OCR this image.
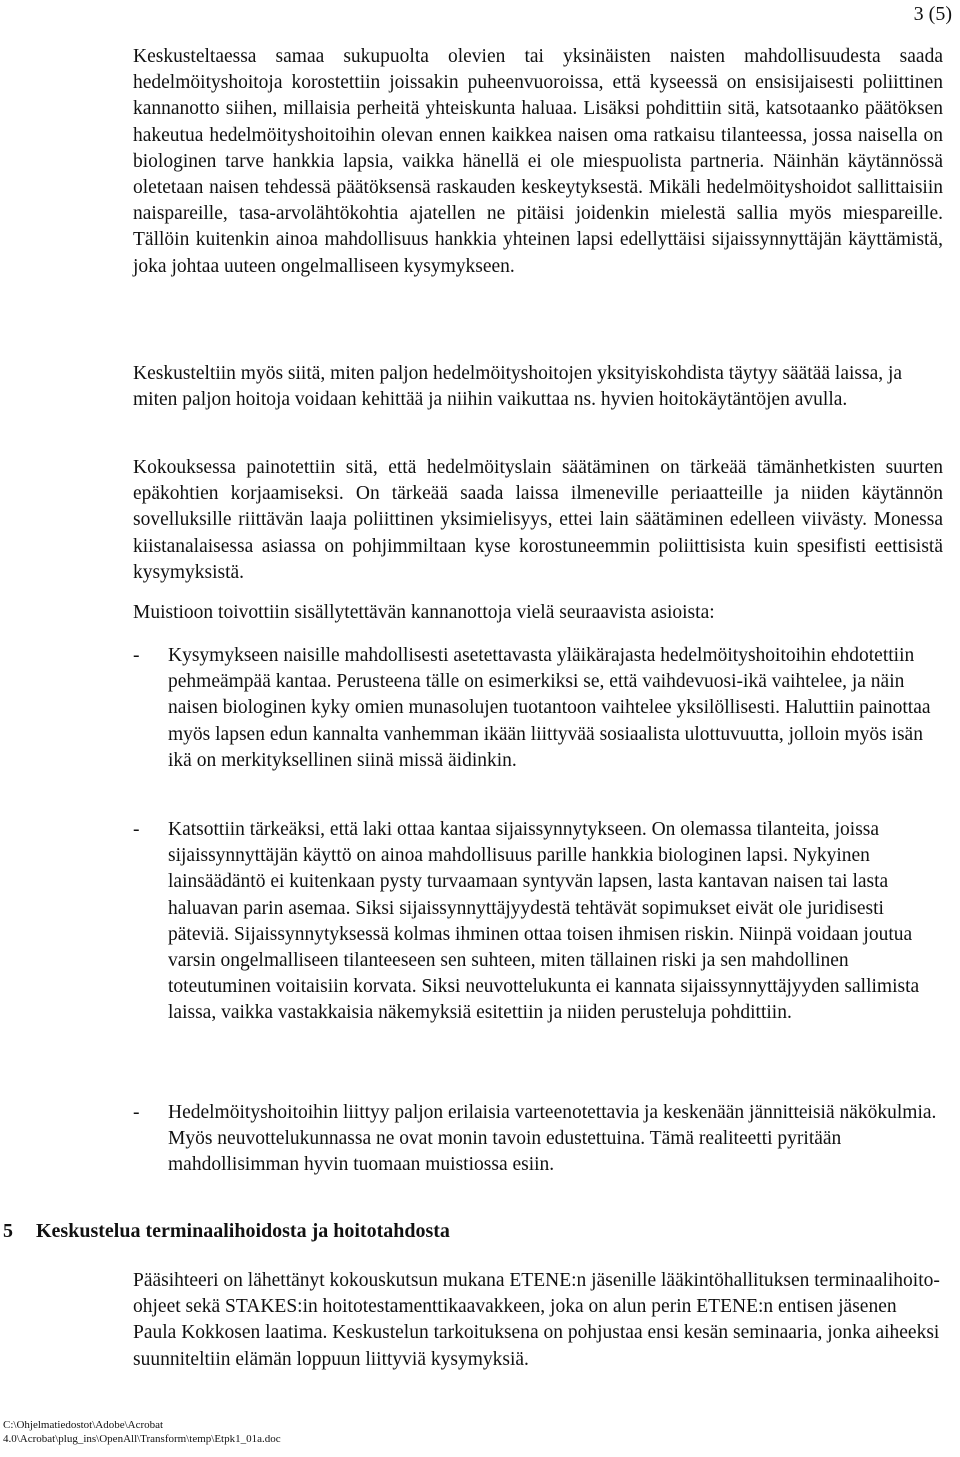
3 (5)

Keskusteltaessa samaa sukupuolta olevien tai yksinäisten naisten mahdollisuudesta saada hedelmöityshoitoja korostettiin joissakin puheenvuoroissa, että kyseessä on ensisijaisesti poliittinen kannanotto siihen, millaisia perheitä yhteiskunta haluaa. Lisäksi pohdittiin sitä, katsotaanko päätöksen hakeutua hedelmöityshoitoihin olevan ennen kaikkea naisen oma ratkaisu tilanteessa, jossa naisella on biologinen tarve hankkia lapsia, vaikka hänellä ei ole miespuolista partneria. Näinhän käytännössä oletetaan naisen tehdessä päätöksensä raskauden keskeytyksestä. Mikäli hedelmöityshoidot sallittaisiin naispareille, tasa-arvolähtökohtia ajatellen ne pitäisi joidenkin mielestä sallia myös miespareille. Tällöin kuitenkin ainoa mahdollisuus hankkia yhteinen lapsi edellyttäisi sijaissynnyttäjän käyttämistä, joka johtaa uuteen ongelmalliseen kysymykseen.

Keskusteltiin myös siitä, miten paljon hedelmöityshoitojen yksityiskohdista täytyy säätää laissa, ja miten paljon hoitoja voidaan kehittää ja niihin vaikuttaa ns. hyvien hoitokäytäntöjen avulla.

Kokouksessa painotettiin sitä, että hedelmöityslain säätäminen on tärkeää tämänhetkisten suurten epäkohtien korjaamiseksi. On tärkeää saada laissa ilmeneville periaatteille ja niiden käytännön sovelluksille riittävän laaja poliittinen yksimielisyys, ettei lain säätäminen edelleen viivästy. Monessa kiistanalaisessa asiassa on pohjimmiltaan kyse korostuneemmin poliittisista kuin spesifisti eettisistä kysymyksistä.

Muistioon toivottiin sisällytettävän kannanottoja vielä seuraavista asioista:

- Kysymykseen naisille mahdollisesti asetettavasta yläikärajasta hedelmöityshoitoihin ehdotettiin pehmeämpää kantaa. Perusteena tälle on esimerkiksi se, että vaihdevuosi-ikä vaihtelee, ja näin naisen biologinen kyky omien munasolujen tuotantoon vaihtelee yksilöllisesti. Haluttiin painottaa myös lapsen edun kannalta vanhemman ikään liittyvää sosiaalista ulottuvuutta, jolloin myös isän ikä on merkityksellinen siinä missä äidinkin.
- Katsottiin tärkeäksi, että laki ottaa kantaa sijaissynnytykseen. On olemassa tilanteita, joissa sijaissynnyttäjän käyttö on ainoa mahdollisuus parille hankkia biologinen lapsi. Nykyinen lainsäädäntö ei kuitenkaan pysty turvaamaan syntyvän lapsen, lasta kantavan naisen tai lasta haluavan parin asemaa. Siksi sijaissynnyttäjyydestä tehtävät sopimukset eivät ole juridisesti päteviä. Sijaissynnytyksessä kolmas ihminen ottaa toisen ihmisen riskin. Niinpä voidaan joutua varsin ongelmalliseen tilanteeseen sen suhteen, miten tällainen riski ja sen mahdollinen toteutuminen voitaisiin korvata. Siksi neuvottelukunta ei kannata sijaissynnyttäjyyden sallimista laissa, vaikka vastakkaisia näkemyksiä esitettiin ja niiden perusteluja pohdittiin.
- Hedelmöityshoitoihin liittyy paljon erilaisia varteenotettavia ja keskenään jännitteisiä näkökulmia. Myös neuvottelukunnassa ne ovat monin tavoin edustettuina. Tämä realiteetti pyritään mahdollisimman hyvin tuomaan muistiossa esiin.
5 Keskustelua terminaalihoidosta ja hoitotahdosta

Pääsihteeri on lähettänyt kokouskutsun mukana ETENE:n jäsenille lääkintöhallituksen terminaalihoito-ohjeet sekä STAKES:in hoitotestamenttikaavakkeen, joka on alun perin ETENE:n entisen jäsenen Paula Kokkosen laatima. Keskustelun tarkoituksena on pohjustaa ensi kesän seminaaria, jonka aiheeksi suunniteltiin elämän loppuun liittyviä kysymyksiä.

C:\Ohjelmatiedostot\Adobe\Acrobat
4.0\Acrobat\plug_ins\OpenAll\Transform\temp\Etpk1_01a.doc
